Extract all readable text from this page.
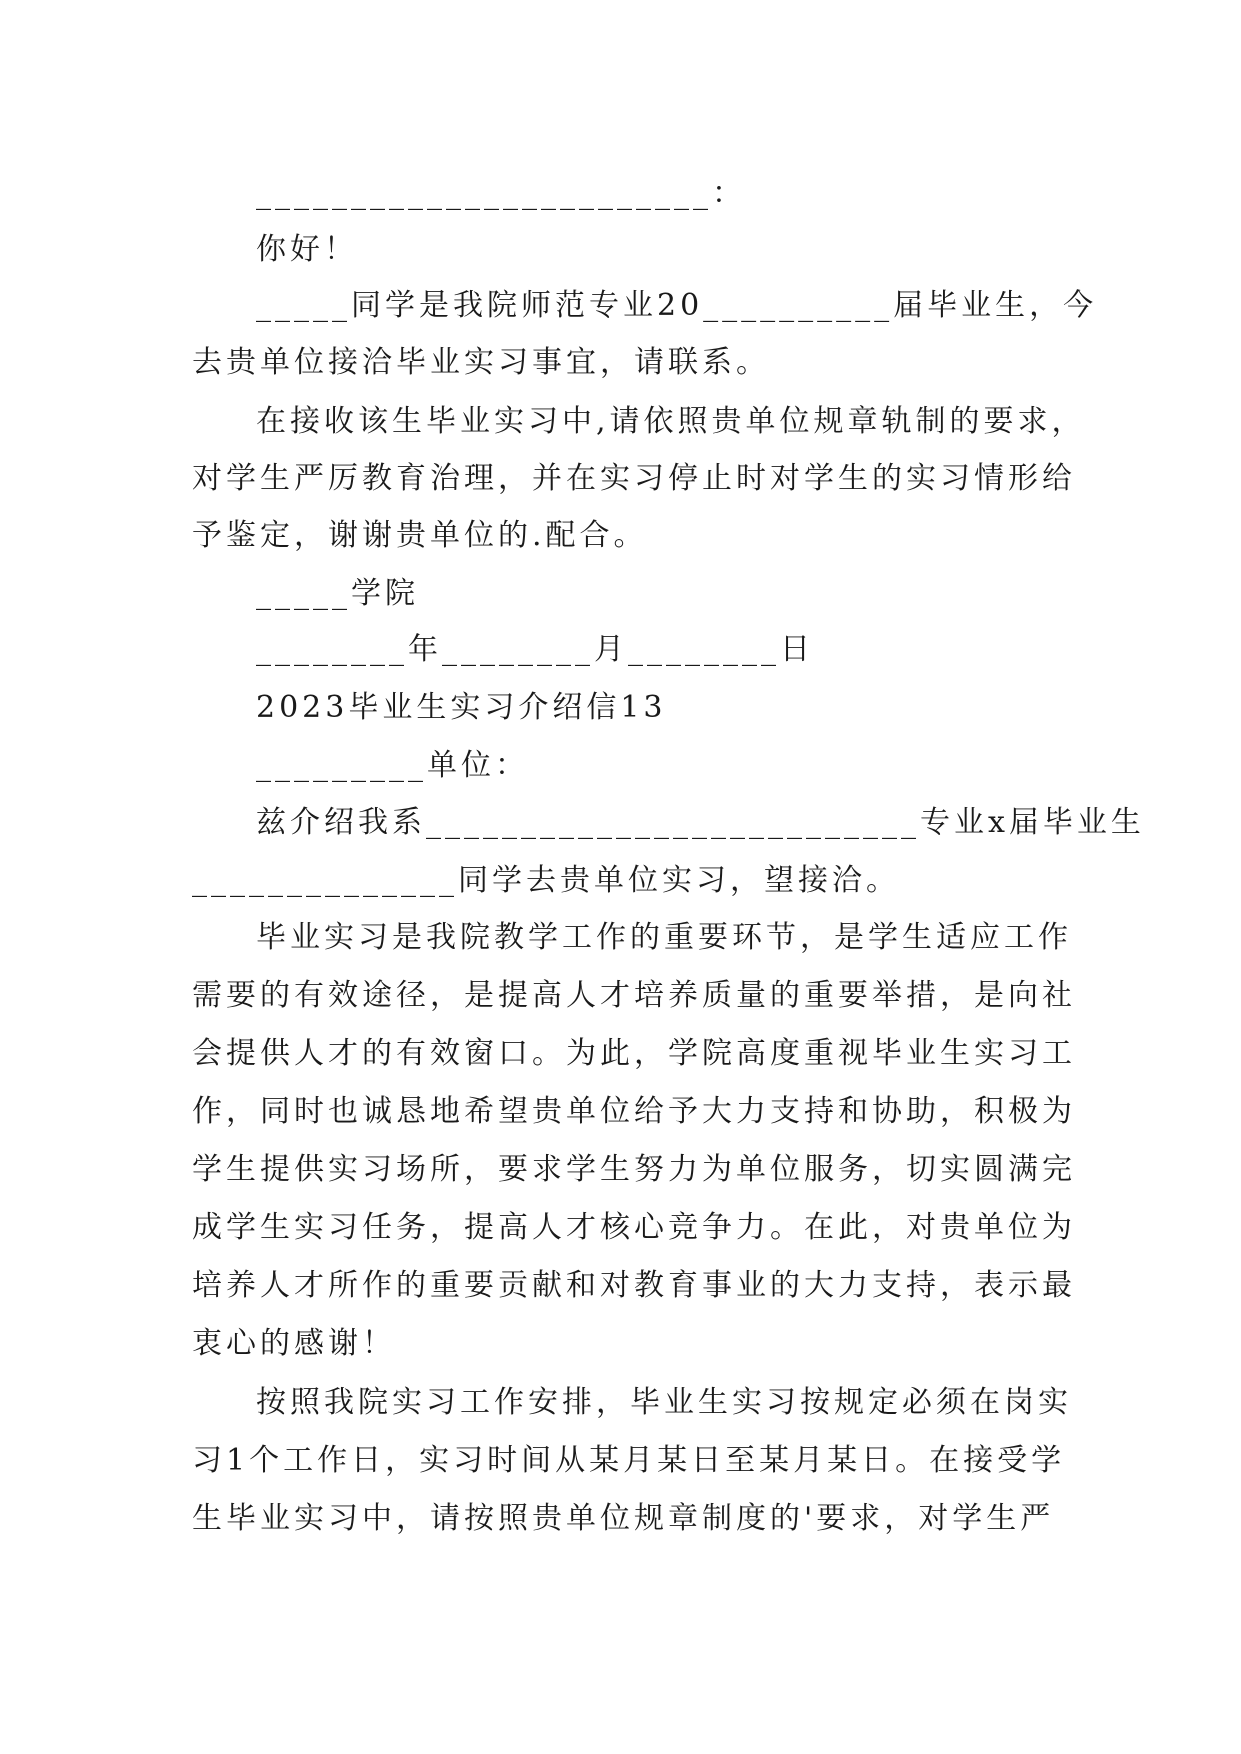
________________________：
你好！
_____同学是我院师范专业20__________届毕业生，今
去贵单位接洽毕业实习事宜，请联系。
在接收该生毕业实习中,请依照贵单位规章轨制的要求，
对学生严厉教育治理，并在实习停止时对学生的实习情形给
予鉴定，谢谢贵单位的.配合。
_____学院
________年________月________日
2023毕业生实习介绍信13
_________单位：
兹介绍我系__________________________专业x届毕业生
______________同学去贵单位实习，望接洽。
毕业实习是我院教学工作的重要环节，是学生适应工作
需要的有效途径，是提高人才培养质量的重要举措，是向社
会提供人才的有效窗口。为此，学院高度重视毕业生实习工
作，同时也诚恳地希望贵单位给予大力支持和协助，积极为
学生提供实习场所，要求学生努力为单位服务，切实圆满完
成学生实习任务，提高人才核心竞争力。在此，对贵单位为
培养人才所作的重要贡献和对教育事业的大力支持，表示最
衷心的感谢！
按照我院实习工作安排，毕业生实习按规定必须在岗实
习1个工作日，实习时间从某月某日至某月某日。在接受学
生毕业实习中，请按照贵单位规章制度的'要求，对学生严
